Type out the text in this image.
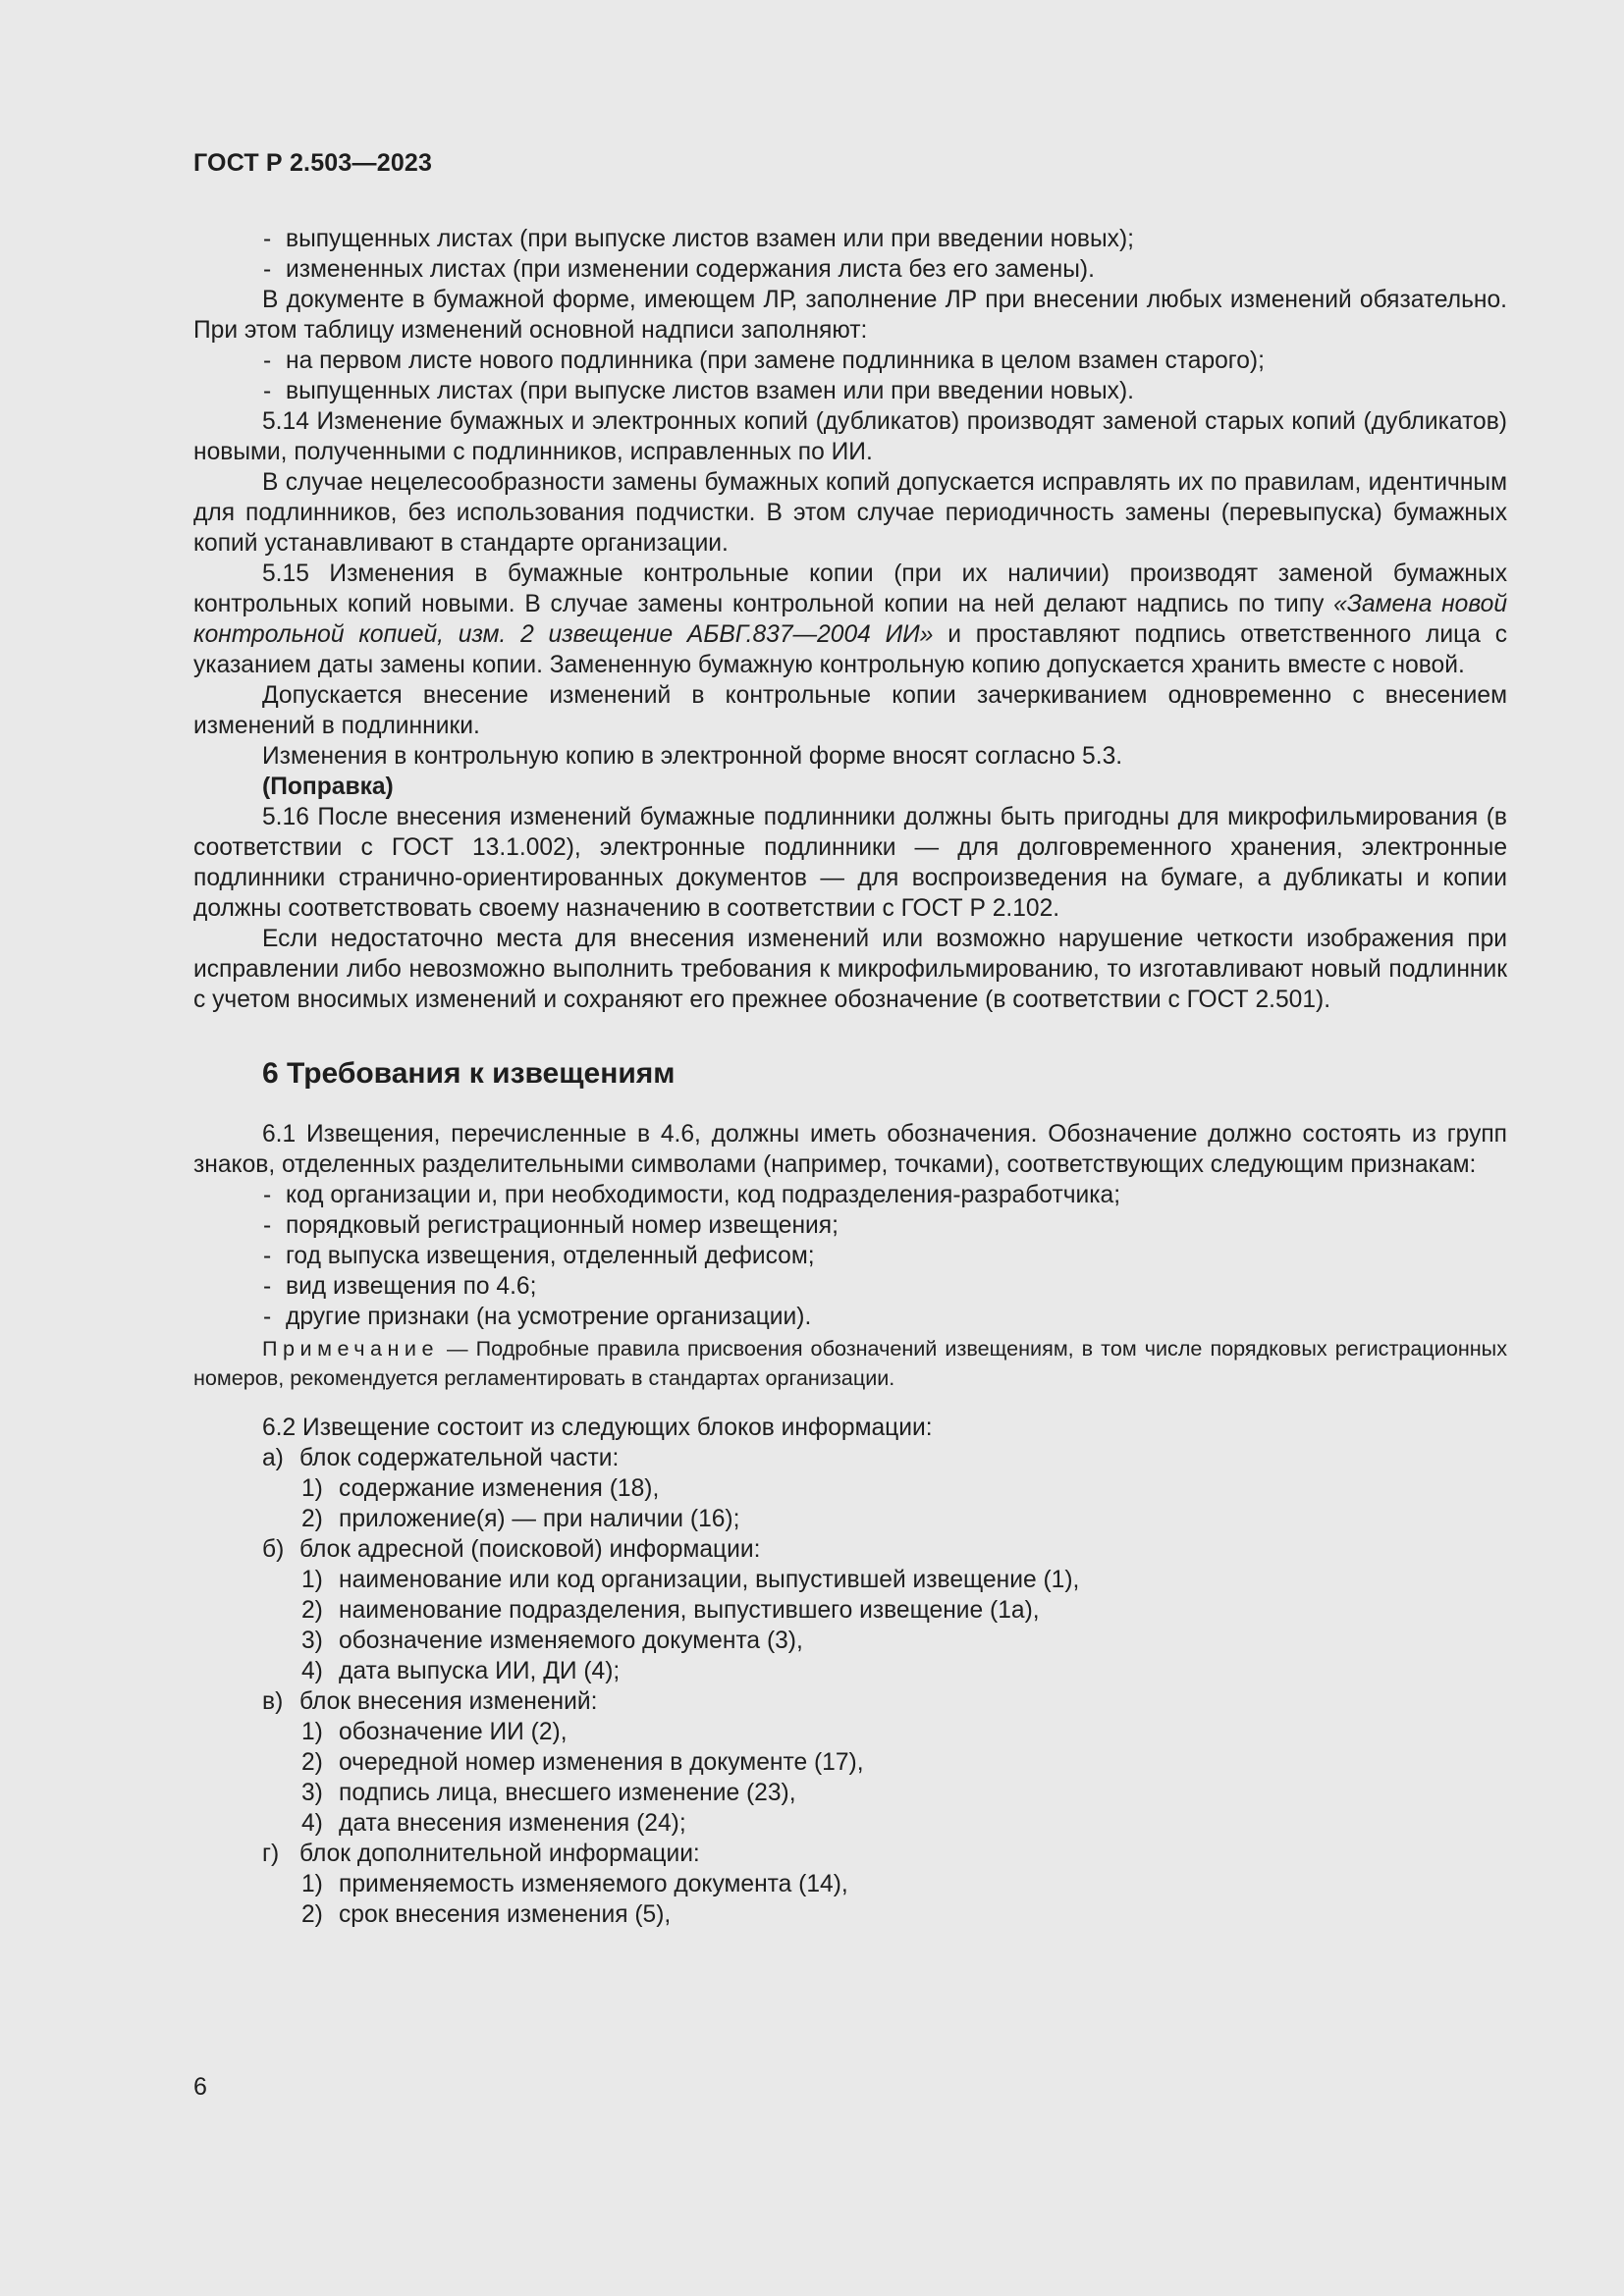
ГОСТ Р 2.503—2023

- выпущенных листах (при выпуске листов взамен или при введении новых);

- измененных листах (при изменении содержания листа без его замены).

В документе в бумажной форме, имеющем ЛР, заполнение ЛР при внесении любых изменений обязательно. При этом таблицу изменений основной надписи заполняют:

- на первом листе нового подлинника (при замене подлинника в целом взамен старого);

- выпущенных листах (при выпуске листов взамен или при введении новых).

5.14 Изменение бумажных и электронных копий (дубликатов) производят заменой старых копий (дубликатов) новыми, полученными с подлинников, исправленных по ИИ.

В случае нецелесообразности замены бумажных копий допускается исправлять их по правилам, идентичным для подлинников, без использования подчистки. В этом случае периодичность замены (перевыпуска) бумажных копий устанавливают в стандарте организации.

5.15 Изменения в бумажные контрольные копии (при их наличии) производят заменой бумажных контрольных копий новыми. В случае замены контрольной копии на ней делают надпись по типу «Замена новой контрольной копией, изм. 2 извещение АБВГ.837—2004 ИИ» и проставляют подпись ответственного лица с указанием даты замены копии. Замененную бумажную контрольную копию допускается хранить вместе с новой.

Допускается внесение изменений в контрольные копии зачеркиванием одновременно с внесением изменений в подлинники.

Изменения в контрольную копию в электронной форме вносят согласно 5.3.

(Поправка)

5.16 После внесения изменений бумажные подлинники должны быть пригодны для микрофильмирования (в соответствии с ГОСТ 13.1.002), электронные подлинники — для долговременного хранения, электронные подлинники странично-ориентированных документов — для воспроизведения на бумаге, а дубликаты и копии должны соответствовать своему назначению в соответствии с ГОСТ Р 2.102.

Если недостаточно места для внесения изменений или возможно нарушение четкости изображения при исправлении либо невозможно выполнить требования к микрофильмированию, то изготавливают новый подлинник с учетом вносимых изменений и сохраняют его прежнее обозначение (в соответствии с ГОСТ 2.501).

6 Требования к извещениям

6.1 Извещения, перечисленные в 4.6, должны иметь обозначения. Обозначение должно состоять из групп знаков, отделенных разделительными символами (например, точками), соответствующих следующим признакам:

- код организации и, при необходимости, код подразделения-разработчика;

- порядковый регистрационный номер извещения;

- год выпуска извещения, отделенный дефисом;

- вид извещения по 4.6;

- другие признаки (на усмотрение организации).

Примечание — Подробные правила присвоения обозначений извещениям, в том числе порядковых регистрационных номеров, рекомендуется регламентировать в стандартах организации.

6.2 Извещение состоит из следующих блоков информации:

а) блок содержательной части:

1) содержание изменения (18),

2) приложение(я) — при наличии (16);

б) блок адресной (поисковой) информации:

1) наименование или код организации, выпустившей извещение (1),

2) наименование подразделения, выпустившего извещение (1а),

3) обозначение изменяемого документа (3),

4) дата выпуска ИИ, ДИ (4);

в) блок внесения изменений:

1) обозначение ИИ (2),

2) очередной номер изменения в документе (17),

3) подпись лица, внесшего изменение (23),

4) дата внесения изменения (24);

г) блок дополнительной информации:

1) применяемость изменяемого документа (14),

2) срок внесения изменения (5),

6
